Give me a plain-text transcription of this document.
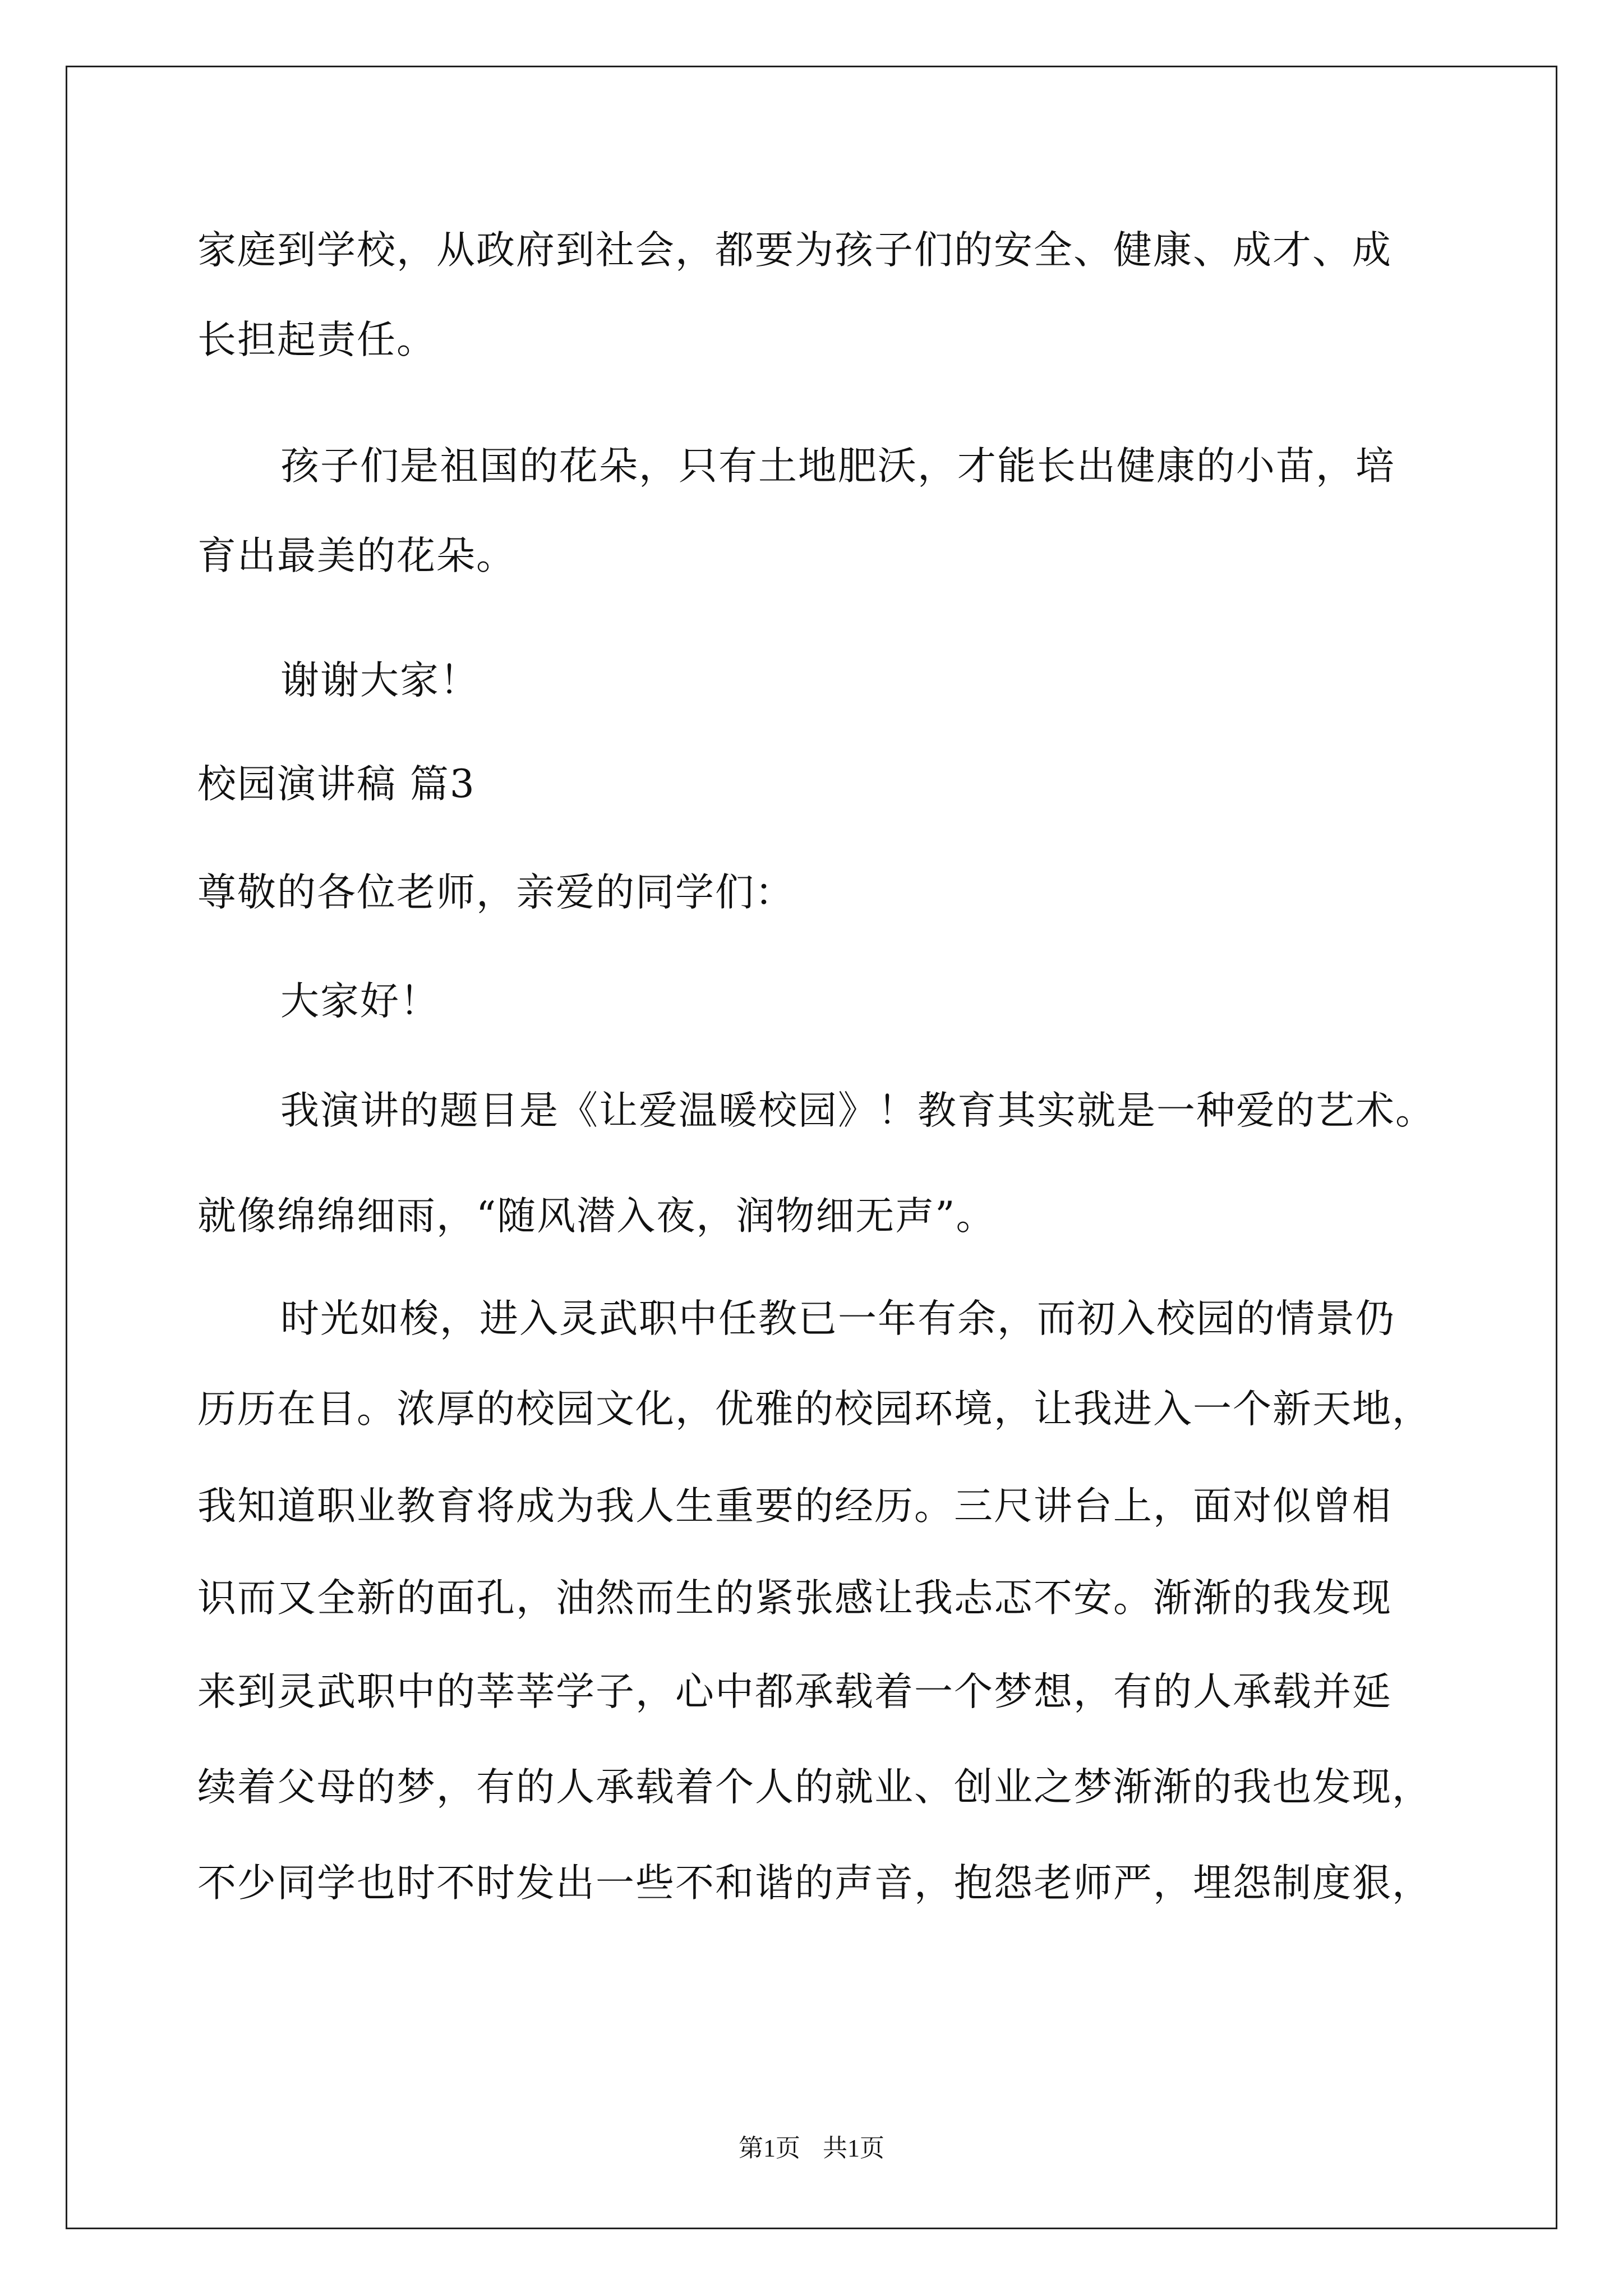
家庭到学校，从政府到社会，都要为孩子们的安全、健康、成才、成
长担起责任。
孩子们是祖国的花朵，只有土地肥沃，才能长出健康的小苗，培
育出最美的花朵。
谢谢大家！
校园演讲稿 篇3
尊敬的各位老师，亲爱的同学们：
大家好！
我演讲的题目是《让爱温暖校园》！教育其实就是一种爱的艺术。
就像绵绵细雨，“随风潜入夜，润物细无声”。
时光如梭，进入灵武职中任教已一年有余，而初入校园的情景仍
历历在目。浓厚的校园文化，优雅的校园环境，让我进入一个新天地，
我知道职业教育将成为我人生重要的经历。三尺讲台上，面对似曾相
识而又全新的面孔，油然而生的紧张感让我忐忑不安。渐渐的我发现
来到灵武职中的莘莘学子，心中都承载着一个梦想，有的人承载并延
续着父母的梦，有的人承载着个人的就业、创业之梦渐渐的我也发现，
不少同学也时不时发出一些不和谐的声音，抱怨老师严，埋怨制度狠，
第1页 共1页
